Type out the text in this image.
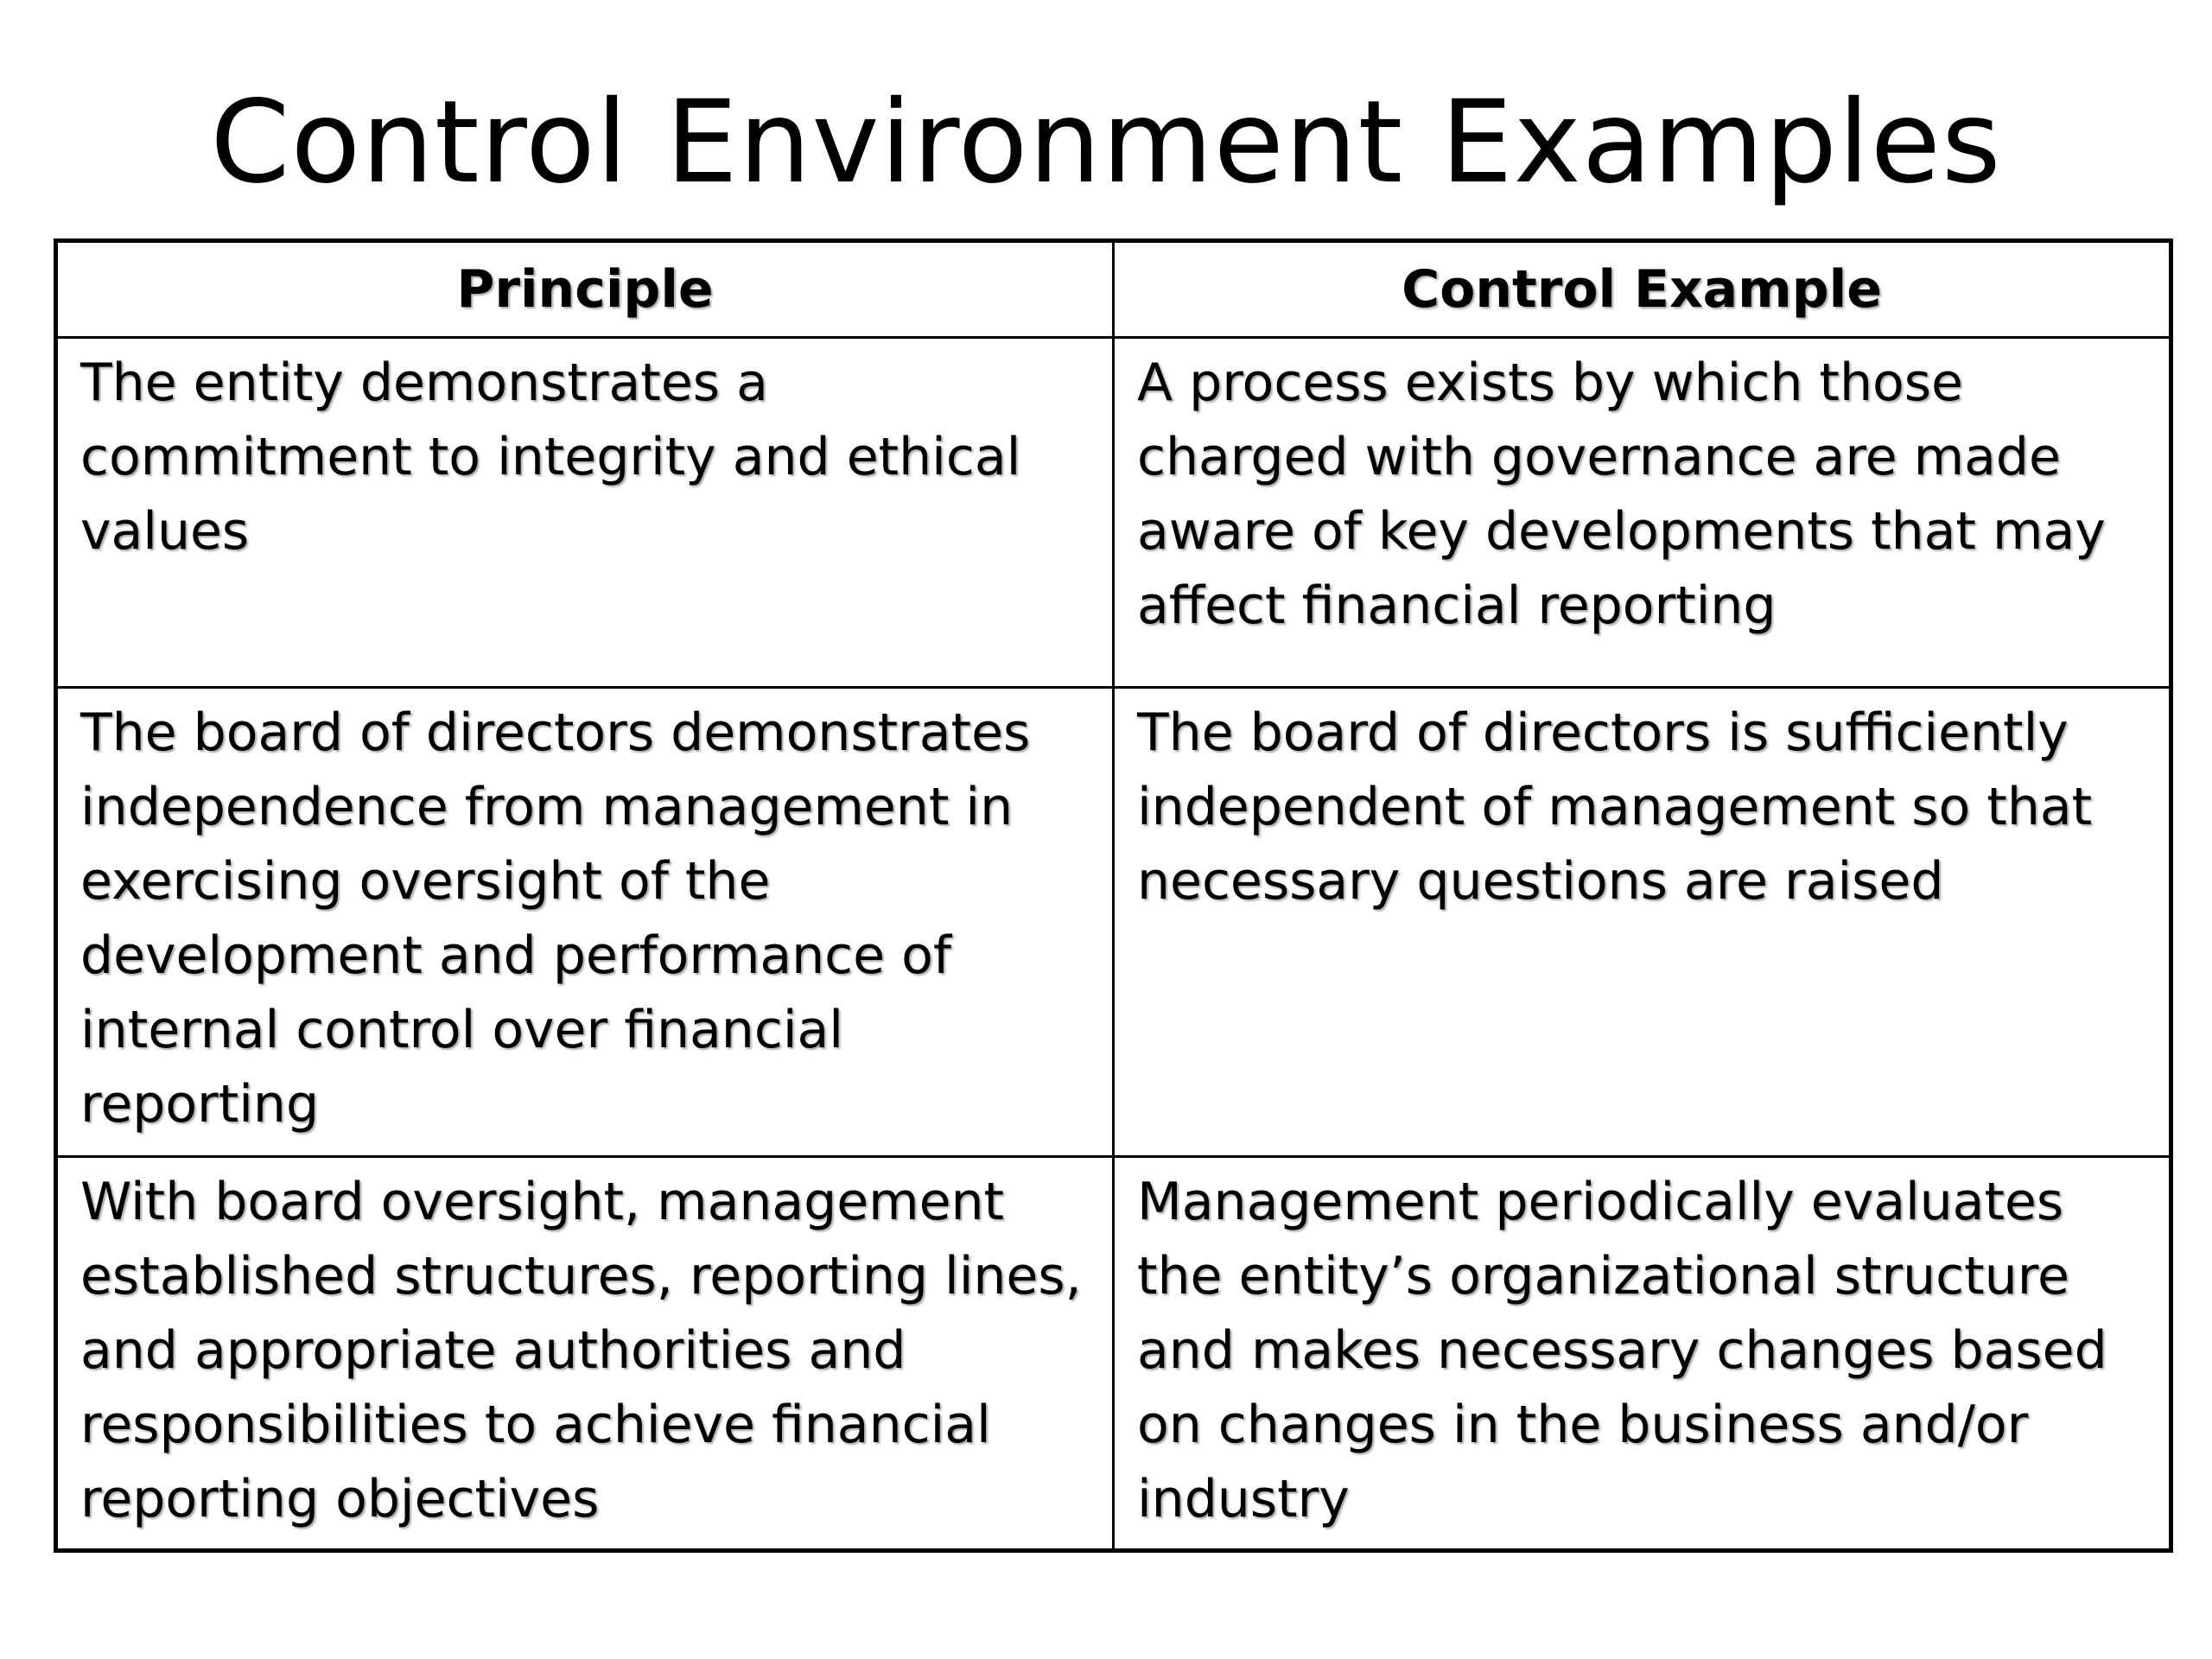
Control Environment Examples
Principle	Control Example
The entity demonstrates a commitment to integrity and ethical values	A process exists by which those charged with governance are made aware of key developments that may affect financial reporting
The board of directors demonstrates independence from management in exercising oversight of the development and performance of internal control over financial reporting	The board of directors is sufficiently independent of management so that necessary questions are raised
With board oversight, management established structures, reporting lines, and appropriate authorities and responsibilities to achieve financial reporting objectives	Management periodically evaluates the entity’s organizational structure and makes necessary changes based on changes in the business and/or industry
